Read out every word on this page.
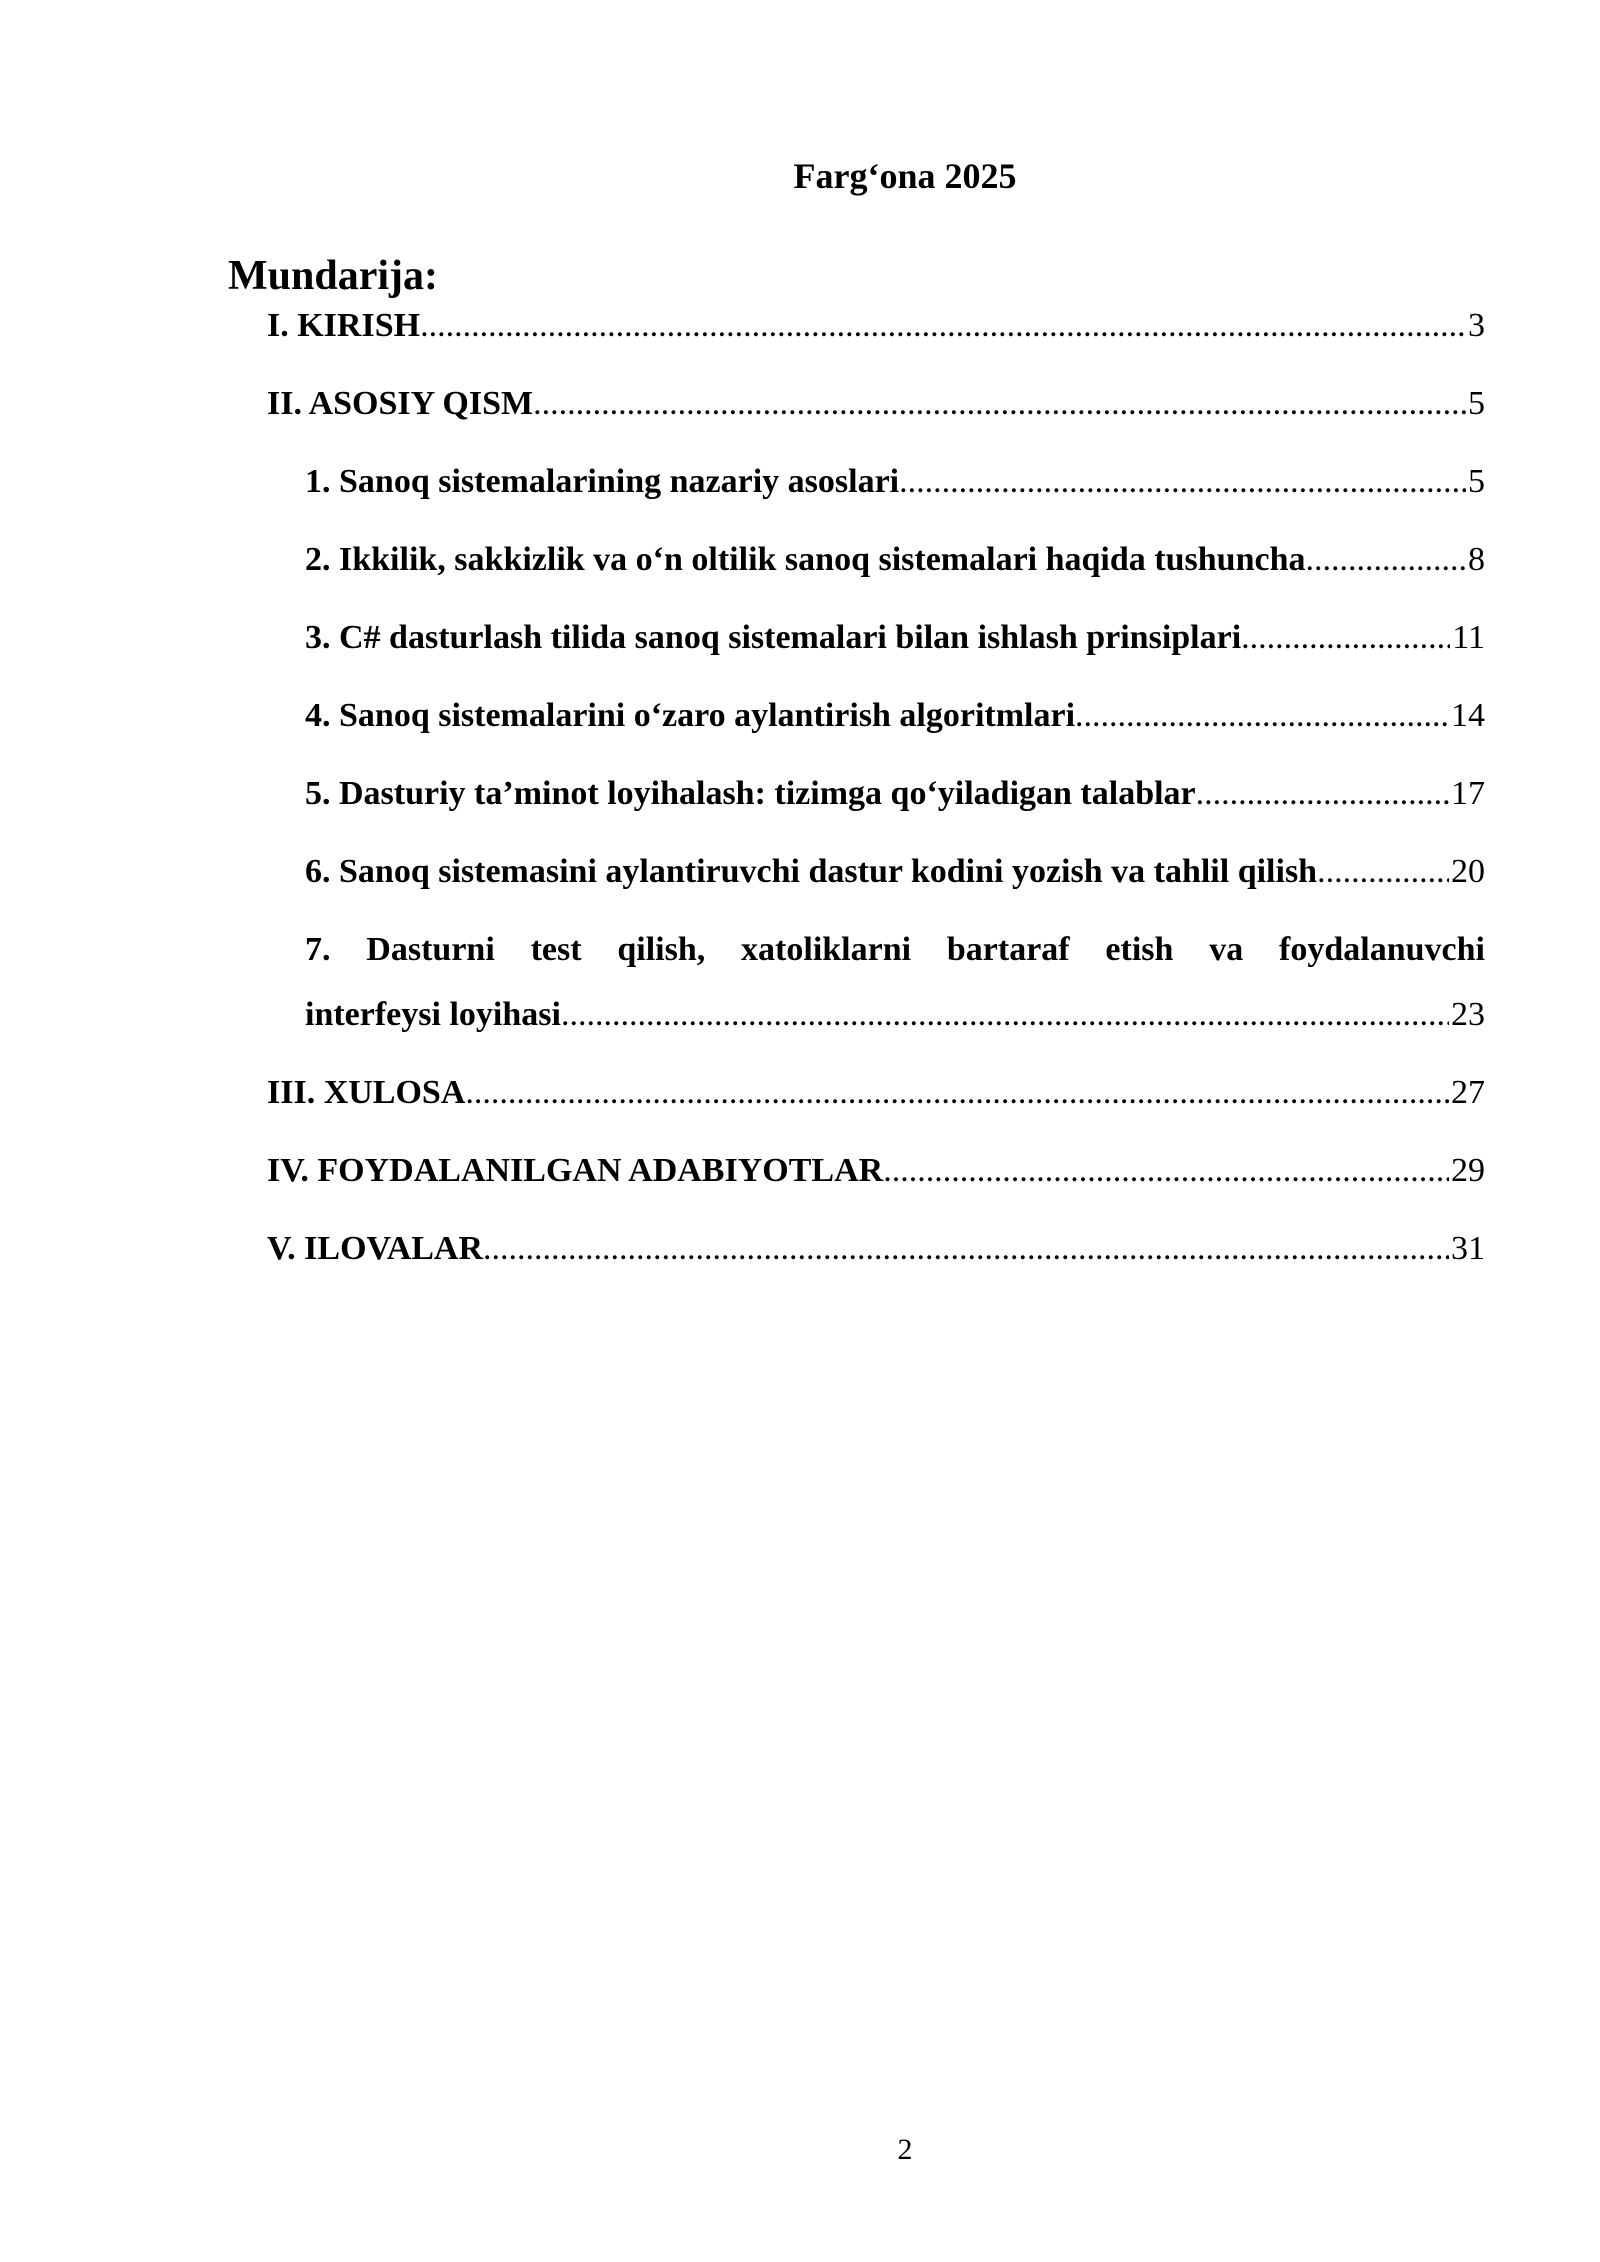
Farg‘ona 2025
Mundarija:
I. KIRISH .....	3
II. ASOSIY QISM .....	5
1. Sanoq sistemalarining nazariy asoslari .....	5
2. Ikkilik, sakkizlik va o‘n oltilik sanoq sistemalari haqida tushuncha .....	8
3. C# dasturlash tilida sanoq sistemalari bilan ishlash prinsiplari .....	11
4. Sanoq sistemalarini o‘zaro aylantirish algoritmlari .....	14
5. Dasturiy ta’minot loyihalash: tizimga qo‘yiladigan talablar .....	17
6. Sanoq sistemasini aylantiruvchi dastur kodini yozish va tahlil qilish .....	20
7. Dasturni test qilish, xatoliklarni bartaraf etish va foydalanuvchi
interfeysi loyihasi .....	23
III. XULOSA .....	27
IV. FOYDALANILGAN ADABIYOTLAR .....	29
V. ILOVALAR .....	31
2
